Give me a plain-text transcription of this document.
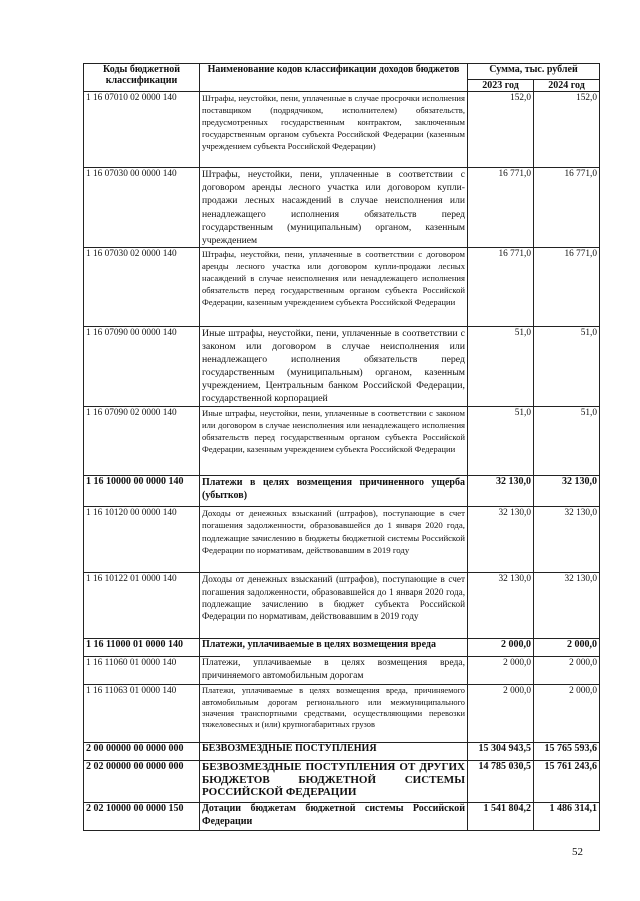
Коды бюджетной классификации	Наименование кодов классификации доходов бюджетов	Сумма, тыс. рублей	
		2023 год	2024 год
1 16 07010 02 0000 140	Штрафы, неустойки, пени, уплаченные в случае просрочки исполнения поставщиком (подрядчиком, исполнителем) обязательств, предусмотренных государственным контрактом, заключенным государственным органом субъекта Российской Федерации (казенным учреждением субъекта Российской Федерации)	152,0	152,0
1 16 07030 00 0000 140	Штрафы, неустойки, пени, уплаченные в соответствии с договором аренды лесного участка или договором купли-продажи лесных насаждений в случае неисполнения или ненадлежащего исполнения обязательств перед государственным (муниципальным) органом, казенным учреждением	16 771,0	16 771,0
1 16 07030 02 0000 140	Штрафы, неустойки, пени, уплаченные в соответствии с договором аренды лесного участка или договором купли-продажи лесных насаждений в случае неисполнения или ненадлежащего исполнения обязательств перед государственным органом субъекта Российской Федерации, казенным учреждением субъекта Российской Федерации	16 771,0	16 771,0
1 16 07090 00 0000 140	Иные штрафы, неустойки, пени, уплаченные в соответствии с законом или договором в случае неисполнения или ненадлежащего исполнения обязательств перед государственным (муниципальным) органом, казенным учреждением, Центральным банком Российской Федерации, государственной корпорацией	51,0	51,0
1 16 07090 02 0000 140	Иные штрафы, неустойки, пени, уплаченные в соответствии с законом или договором в случае неисполнения или ненадлежащего исполнения обязательств перед государственным органом субъекта Российской Федерации, казенным учреждением субъекта Российской Федерации	51,0	51,0
1 16 10000 00 0000 140	Платежи в целях возмещения причиненного ущерба (убытков)	32 130,0	32 130,0
1 16 10120 00 0000 140	Доходы от денежных взысканий (штрафов), поступающие в счет погашения задолженности, образовавшейся до 1 января 2020 года, подлежащие зачислению в бюджеты бюджетной системы Российской Федерации по нормативам, действовавшим в 2019 году	32 130,0	32 130,0
1 16 10122 01 0000 140	Доходы от денежных взысканий (штрафов), поступающие в счет погашения задолженности, образовавшейся до 1 января 2020 года, подлежащие зачислению в бюджет субъекта Российской Федерации по нормативам, действовавшим в 2019 году	32 130,0	32 130,0
1 16 11000 01 0000 140	Платежи, уплачиваемые в целях возмещения вреда	2 000,0	2 000,0
1 16 11060 01 0000 140	Платежи, уплачиваемые в целях возмещения вреда, причиняемого автомобильным дорогам	2 000,0	2 000,0
1 16 11063 01 0000 140	Платежи, уплачиваемые в целях возмещения вреда, причиняемого автомобильным дорогам регионального или межмуниципального значения транспортными средствами, осуществляющими перевозки тяжеловесных и (или) крупногабаритных грузов	2 000,0	2 000,0
2 00 00000 00 0000 000	БЕЗВОЗМЕЗДНЫЕ ПОСТУПЛЕНИЯ	15 304 943,5	15 765 593,6
2 02 00000 00 0000 000	БЕЗВОЗМЕЗДНЫЕ ПОСТУПЛЕНИЯ ОТ ДРУГИХ БЮДЖЕТОВ БЮДЖЕТНОЙ СИСТЕМЫ РОССИЙСКОЙ ФЕДЕРАЦИИ	14 785 030,5	15 761 243,6
2 02 10000 00 0000 150	Дотации бюджетам бюджетной системы Российской Федерации	1 541 804,2	1 486 314,1
52
